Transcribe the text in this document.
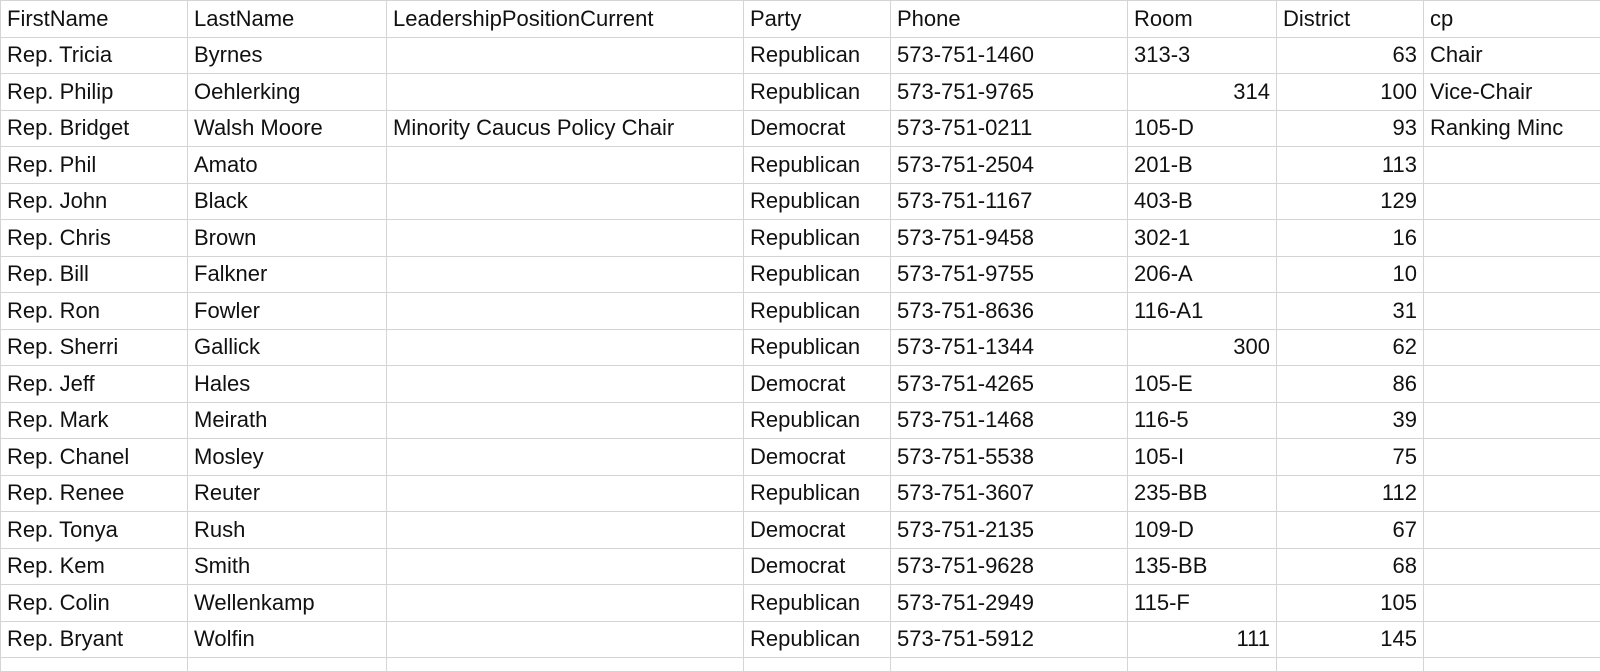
FirstName	LastName	LeadershipPositionCurrent	Party	Phone	Room	District	cp
Rep. Tricia	Byrnes		Republican	573-751-1460	313-3	63	Chair
Rep. Philip	Oehlerking		Republican	573-751-9765	314	100	Vice-Chair
Rep. Bridget	Walsh Moore	Minority Caucus Policy Chair	Democrat	573-751-0211	105-D	93	Ranking Minc
Rep. Phil	Amato		Republican	573-751-2504	201-B	113	
Rep. John	Black		Republican	573-751-1167	403-B	129	
Rep. Chris	Brown		Republican	573-751-9458	302-1	16	
Rep. Bill	Falkner		Republican	573-751-9755	206-A	10	
Rep. Ron	Fowler		Republican	573-751-8636	116-A1	31	
Rep. Sherri	Gallick		Republican	573-751-1344	300	62	
Rep. Jeff	Hales		Democrat	573-751-4265	105-E	86	
Rep. Mark	Meirath		Republican	573-751-1468	116-5	39	
Rep. Chanel	Mosley		Democrat	573-751-5538	105-I	75	
Rep. Renee	Reuter		Republican	573-751-3607	235-BB	112	
Rep. Tonya	Rush		Democrat	573-751-2135	109-D	67	
Rep. Kem	Smith		Democrat	573-751-9628	135-BB	68	
Rep. Colin	Wellenkamp		Republican	573-751-2949	115-F	105	
Rep. Bryant	Wolfin		Republican	573-751-5912	111	145	
